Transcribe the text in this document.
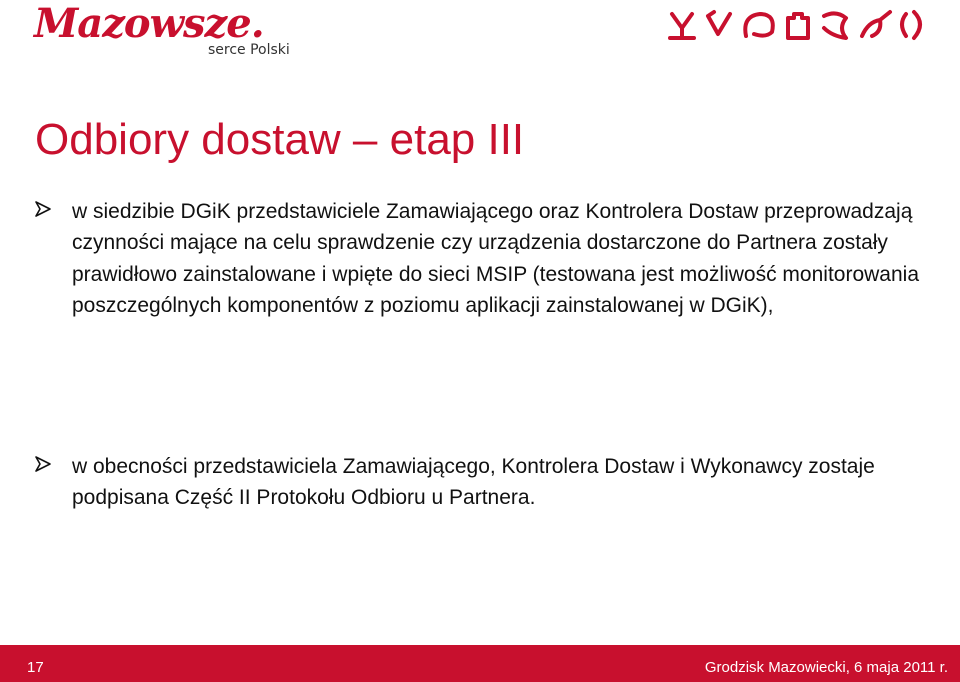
Mazowsze.
serce Polski
Odbiory dostaw – etap III
w siedzibie DGiK przedstawiciele Zamawiającego oraz Kontrolera Dostaw przeprowadzają czynności mające na celu sprawdzenie czy urządzenia dostarczone do Partnera zostały prawidłowo zainstalowane i wpięte do sieci MSIP (testowana jest możliwość monitorowania poszczególnych komponentów z poziomu aplikacji zainstalowanej w DGiK),
w obecności przedstawiciela Zamawiającego, Kontrolera Dostaw i Wykonawcy zostaje podpisana Część II Protokołu Odbioru u Partnera.
17	Grodzisk Mazowiecki, 6 maja 2011 r.
